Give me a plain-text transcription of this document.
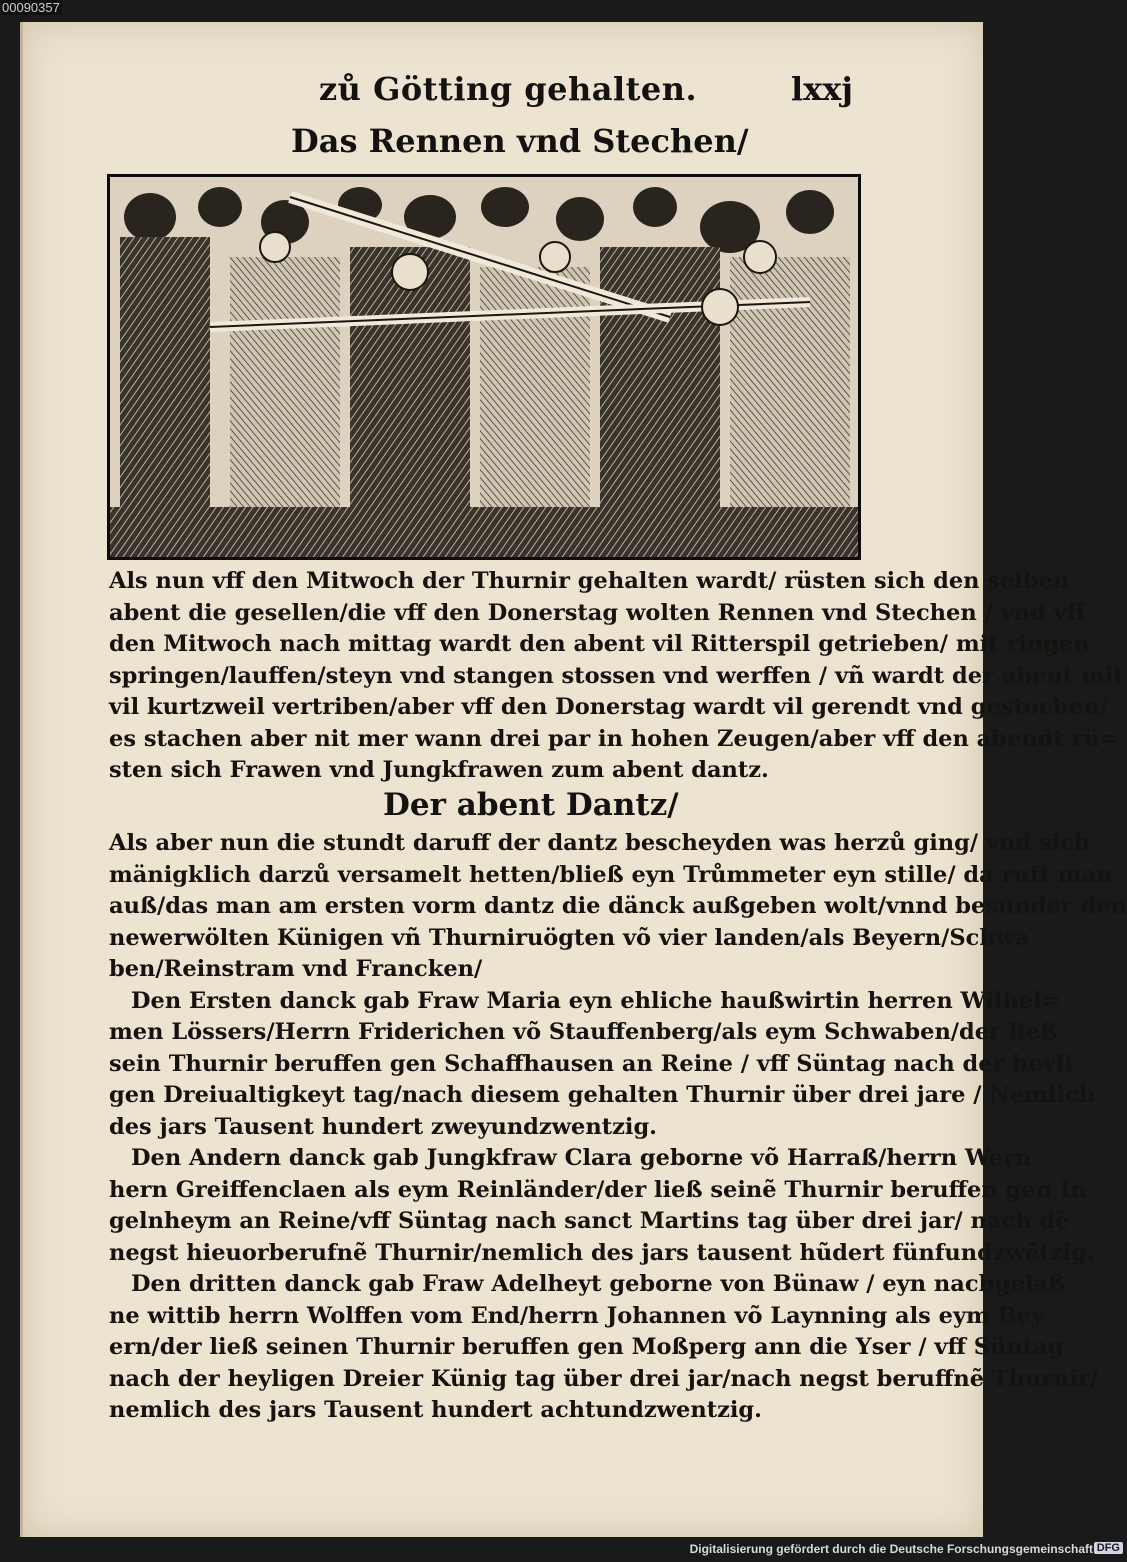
00090357
zů Götting gehalten.	lxxj
Das Rennen vnd Stechen/
Als nun vff den Mitwoch der Thurnir gehalten wardt/ rüsten sich den selben
abent die gesellen/die vff den Donerstag wolten Rennen vnd Stechen / vnd vff
den Mitwoch nach mittag wardt den abent vil Ritterspil getrieben/ mit ringen
springen/lauffen/steyn vnd stangen stossen vnd werffen / vñ wardt der abent mit
vil kurtzweil vertriben/aber vff den Donerstag wardt vil gerendt vnd gestochen/
es stachen aber nit mer wann drei par in hohen Zeugen/aber vff den abendt rü=
sten sich Frawen vnd Jungkfrawen zum abent dantz.
Der abent Dantz/
Als aber nun die stundt daruff der dantz bescheyden was herzů ging/ vnd sich
mänigklich darzů versamelt hetten/bließ eyn Trůmmeter eyn stille/ da ruft man
auß/das man am ersten vorm dantz die dänck außgeben wolt/vnnd besunder den
newerwölten Künigen vñ Thurniruögten võ vier landen/als Beyern/Schwa
ben/Reinstram vnd Francken/
Den Ersten danck gab Fraw Maria eyn ehliche haußwirtin herren Wilhel=
men Lössers/Herrn Friderichen võ Stauffenberg/als eym Schwaben/der ließ
sein Thurnir beruffen gen Schaffhausen an Reine / vff Süntag nach der heyli
gen Dreiualtigkeyt tag/nach diesem gehalten Thurnir über drei jare / Nemlich
des jars Tausent hundert zweyundzwentzig.
Den Andern danck gab Jungkfraw Clara geborne võ Harraß/herrn Wern
hern Greiffenclaen als eym Reinländer/der ließ seinẽ Thurnir beruffen gen In
gelnheym an Reine/vff Süntag nach sanct Martins tag über drei jar/ nach dẽ
negst hieuorberufnẽ Thurnir/nemlich des jars tausent hũdert fünfundzwẽtzig.
Den dritten danck gab Fraw Adelheyt geborne von Bünaw / eyn nachgelaß
ne wittib herrn Wolffen vom End/herrn Johannen võ Laynning als eym Bey
ern/der ließ seinen Thurnir beruffen gen Moßperg ann die Yser / vff Süntag
nach der heyligen Dreier Künig tag über drei jar/nach negst beruffnẽ Thurnir/
nemlich des jars Tausent hundert achtundzwentzig.
Digitalisierung gefördert durch die Deutsche Forschungsgemeinschaft DFG
